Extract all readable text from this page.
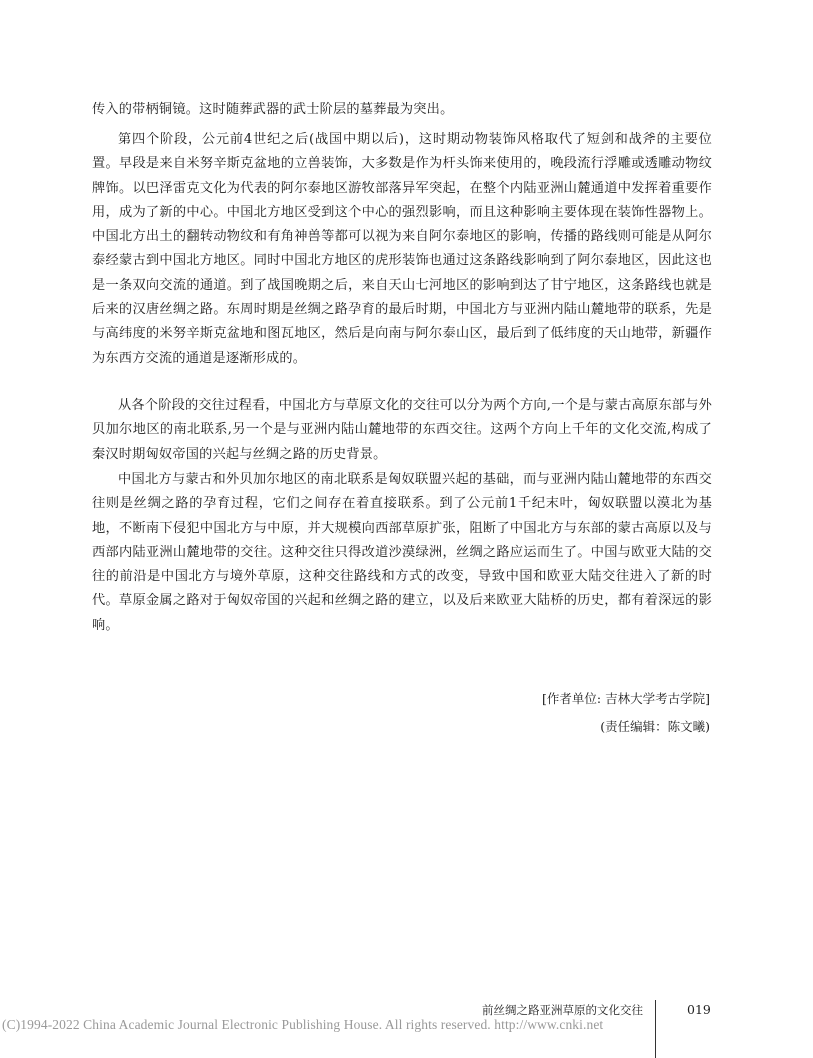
传入的带柄铜镜。这时随葬武器的武士阶层的墓葬最为突出。

第四个阶段，公元前4世纪之后(战国中期以后)，这时期动物装饰风格取代了短剑和战斧的主要位置。早段是来自米努辛斯克盆地的立兽装饰，大多数是作为杆头饰来使用的，晚段流行浮雕或透雕动物纹牌饰。以巴泽雷克文化为代表的阿尔泰地区游牧部落异军突起，在整个内陆亚洲山麓通道中发挥着重要作用，成为了新的中心。中国北方地区受到这个中心的强烈影响，而且这种影响主要体现在装饰性器物上。中国北方出土的翻转动物纹和有角神兽等都可以视为来自阿尔泰地区的影响，传播的路线则可能是从阿尔泰经蒙古到中国北方地区。同时中国北方地区的虎形装饰也通过这条路线影响到了阿尔泰地区，因此这也是一条双向交流的通道。到了战国晚期之后，来自天山七河地区的影响到达了甘宁地区，这条路线也就是后来的汉唐丝绸之路。东周时期是丝绸之路孕育的最后时期，中国北方与亚洲内陆山麓地带的联系，先是与高纬度的米努辛斯克盆地和图瓦地区，然后是向南与阿尔泰山区，最后到了低纬度的天山地带，新疆作为东西方交流的通道是逐渐形成的。

从各个阶段的交往过程看，中国北方与草原文化的交往可以分为两个方向,一个是与蒙古高原东部与外贝加尔地区的南北联系,另一个是与亚洲内陆山麓地带的东西交往。这两个方向上千年的文化交流,构成了秦汉时期匈奴帝国的兴起与丝绸之路的历史背景。

中国北方与蒙古和外贝加尔地区的南北联系是匈奴联盟兴起的基础，而与亚洲内陆山麓地带的东西交往则是丝绸之路的孕育过程，它们之间存在着直接联系。到了公元前1千纪末叶，匈奴联盟以漠北为基地，不断南下侵犯中国北方与中原，并大规模向西部草原扩张，阻断了中国北方与东部的蒙古高原以及与西部内陆亚洲山麓地带的交往。这种交往只得改道沙漠绿洲，丝绸之路应运而生了。中国与欧亚大陆的交往的前沿是中国北方与境外草原，这种交往路线和方式的改变，导致中国和欧亚大陆交往进入了新的时代。草原金属之路对于匈奴帝国的兴起和丝绸之路的建立，以及后来欧亚大陆桥的历史，都有着深远的影响。

[作者单位: 吉林大学考古学院]
(责任编辑：陈文曦)
前丝绸之路亚洲草原的文化交往	019
(C)1994-2022 China Academic Journal Electronic Publishing House. All rights reserved. http://www.cnki.net
